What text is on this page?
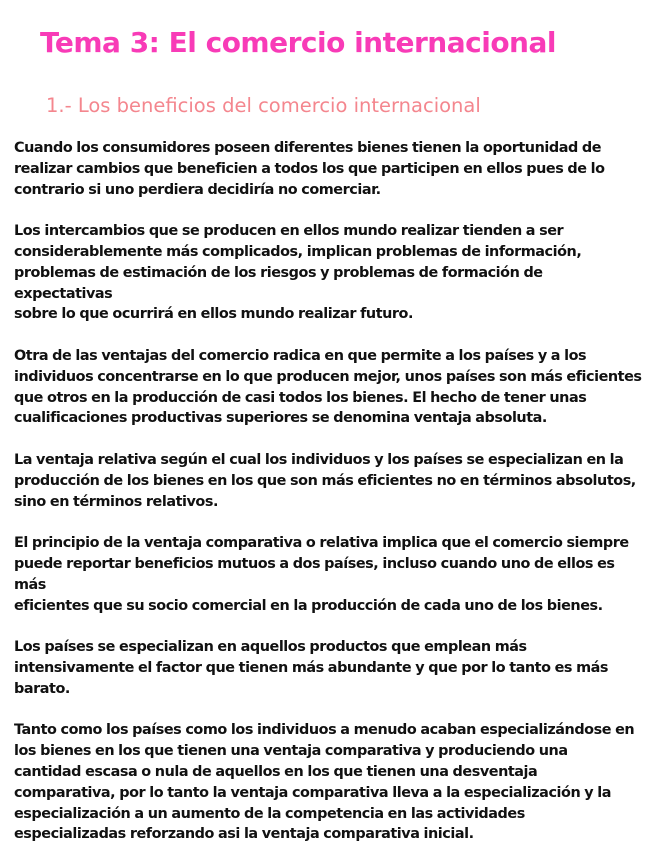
Tema 3: El comercio internacional
1.- Los beneficios del comercio internacional

Cuando los consumidores poseen diferentes bienes tienen la oportunidad de
realizar cambios que beneficien a todos los que participen en ellos pues de lo
contrario si uno perdiera decidiría no comerciar.

Los intercambios que se producen en ellos mundo realizar tienden a ser
considerablemente más complicados, implican problemas de información,
problemas de estimación de los riesgos y problemas de formación de expectativas
sobre lo que ocurrirá en ellos mundo realizar futuro.

Otra de las ventajas del comercio radica en que permite a los países y a los
individuos concentrarse en lo que producen mejor, unos países son más eficientes
que otros en la producción de casi todos los bienes. El hecho de tener unas
cualificaciones productivas superiores se denomina ventaja absoluta.

La ventaja relativa según el cual los individuos y los países se especializan en la
producción de los bienes en los que son más eficientes no en términos absolutos,
sino en términos relativos.

El principio de la ventaja comparativa o relativa implica que el comercio siempre
puede reportar beneficios mutuos a dos países, incluso cuando uno de ellos es más
eficientes que su socio comercial en la producción de cada uno de los bienes.

Los países se especializan en aquellos productos que emplean más
intensivamente el factor que tienen más abundante y que por lo tanto es más
barato.

Tanto como los países como los individuos a menudo acaban especializándose en
los bienes en los que tienen una ventaja comparativa y produciendo una
cantidad escasa o nula de aquellos en los que tienen una desventaja
comparativa, por lo tanto la ventaja comparativa lleva a la especialización y la
especialización a un aumento de la competencia en las actividades
especializadas reforzando asi la ventaja comparativa inicial.
